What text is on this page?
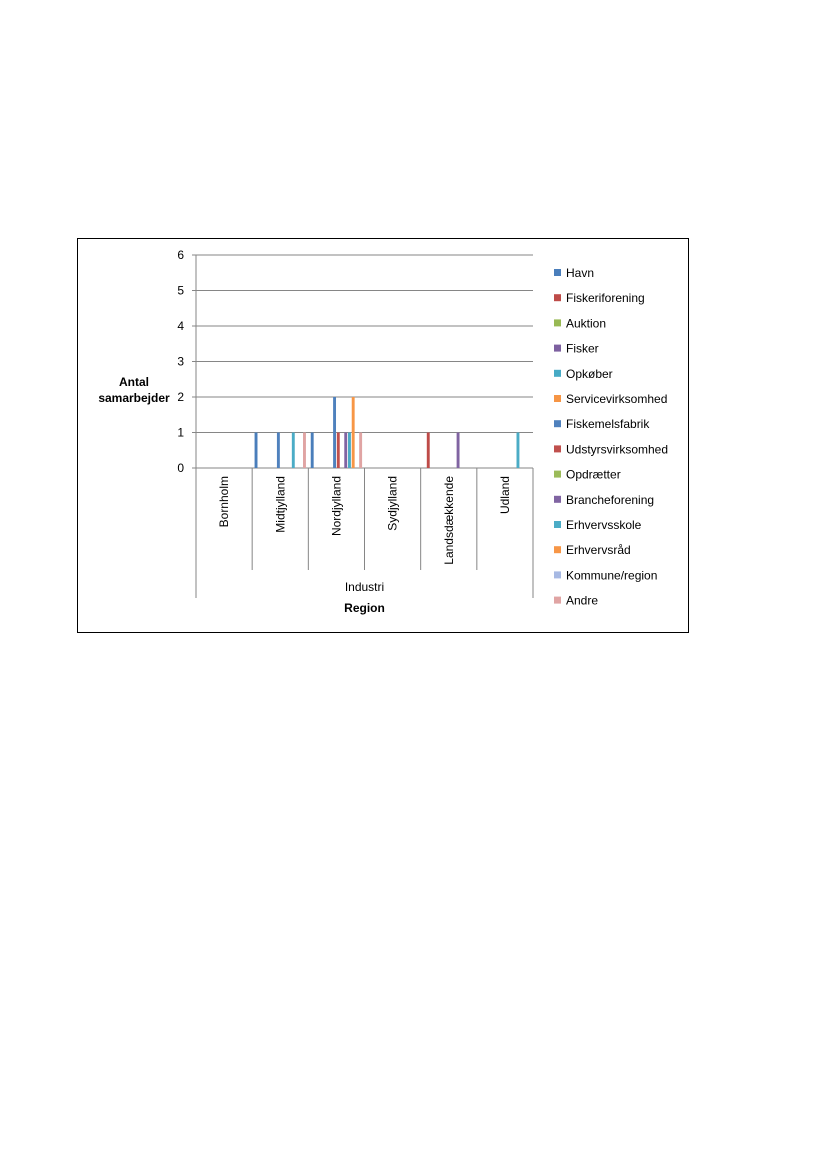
0
1
2
3
4
5
6
Bornholm	Midtjylland	Nordjylland	Sydjylland	Landsdækkende	Udland
Industri
Region
Antal samarbejder
Havn
Fiskeriforening
Auktion
Fisker
Opkøber
Servicevirksomhed
Fiskemelsfabrik
Udstyrsvirksomhed
Opdrætter
Brancheforening
Erhvervsskole
Erhvervsråd
Kommune/region
Andre
